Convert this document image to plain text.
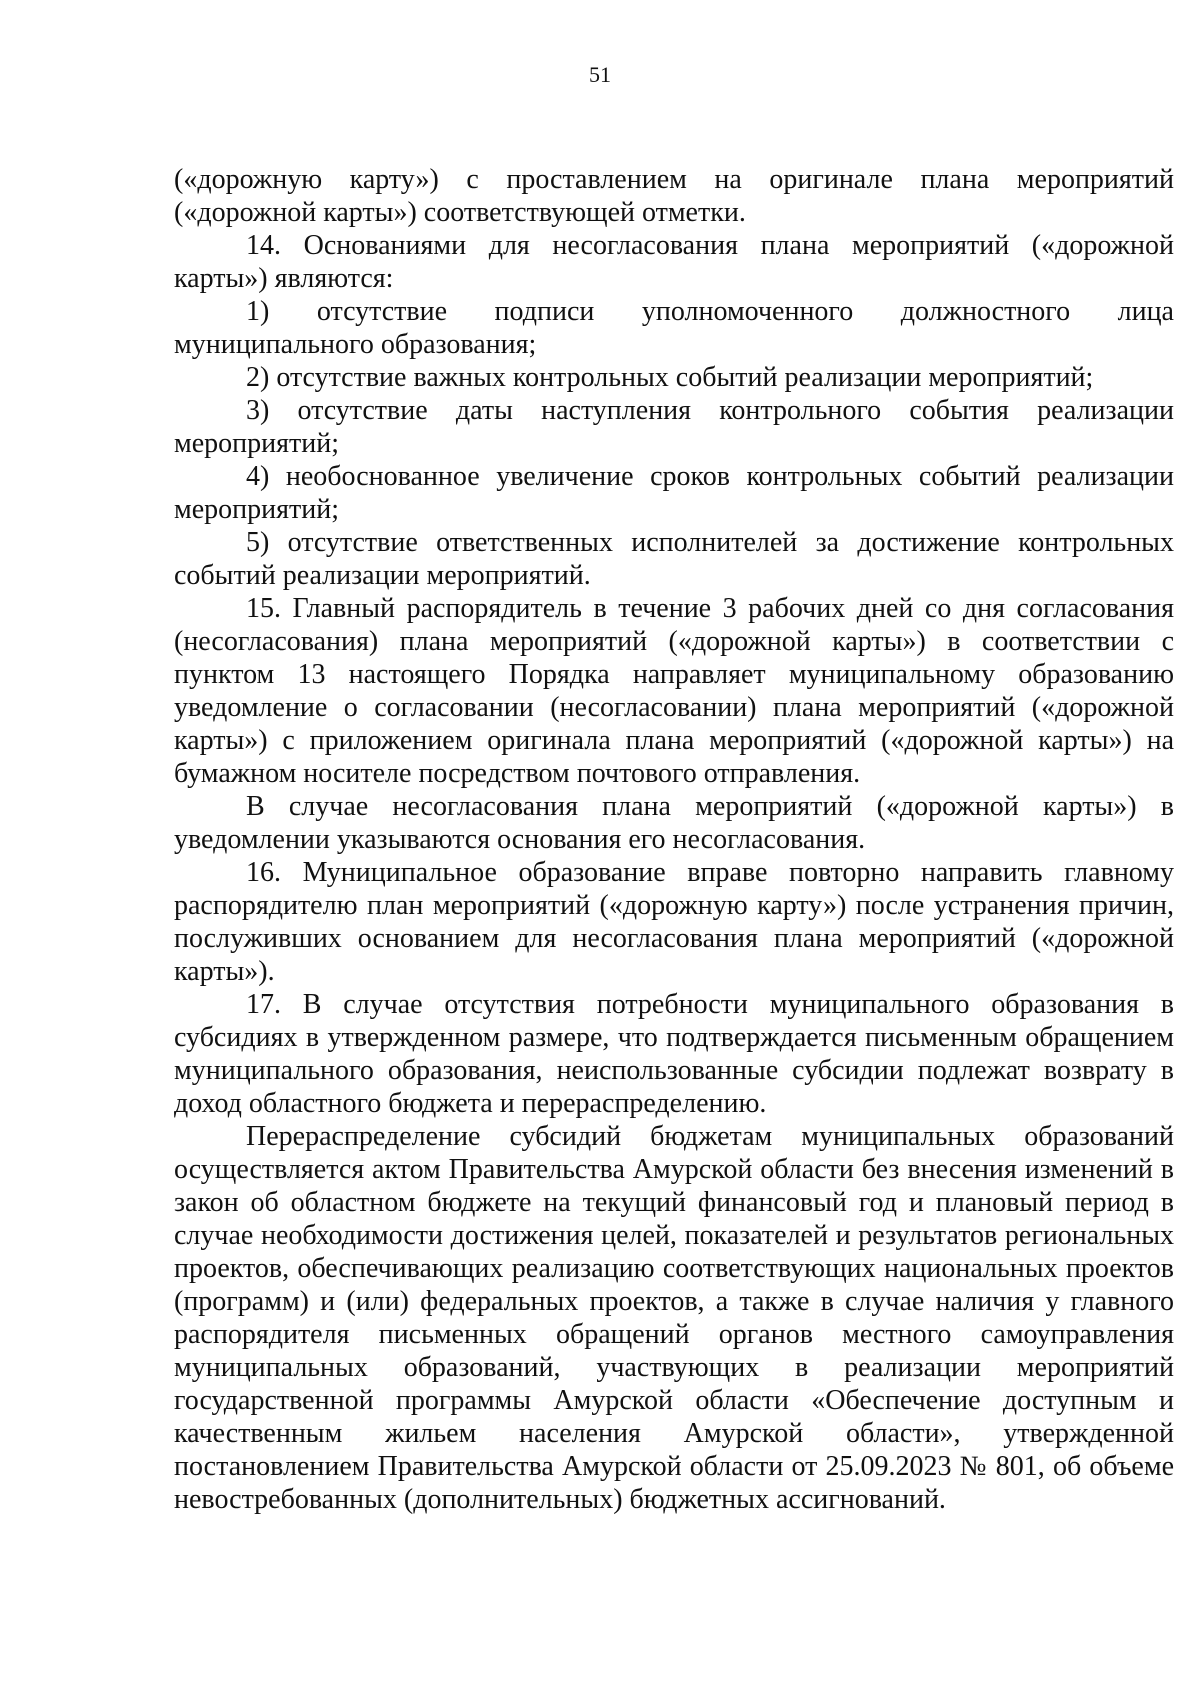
51

(«дорожную карту») с проставлением на оригинале плана мероприятий («дорожной карты») соответствующей отметки.

14. Основаниями для несогласования плана мероприятий («дорожной карты») являются:

1) отсутствие подписи уполномоченного должностного лица муниципального образования;

2) отсутствие важных контрольных событий реализации мероприятий;

3) отсутствие даты наступления контрольного события реализации мероприятий;

4) необоснованное увеличение сроков контрольных событий реализации мероприятий;

5) отсутствие ответственных исполнителей за достижение контрольных событий реализации мероприятий.

15. Главный распорядитель в течение 3 рабочих дней со дня согласования (несогласования) плана мероприятий («дорожной карты») в соответствии с пунктом 13 настоящего Порядка направляет муниципальному образованию уведомление о согласовании (несогласовании) плана мероприятий («дорожной карты») с приложением оригинала плана мероприятий («дорожной карты») на бумажном носителе посредством почтового отправления.

В случае несогласования плана мероприятий («дорожной карты») в уведомлении указываются основания его несогласования.

16. Муниципальное образование вправе повторно направить главному распорядителю план мероприятий («дорожную карту») после устранения причин, послуживших основанием для несогласования плана мероприятий («дорожной карты»).

17. В случае отсутствия потребности муниципального образования в субсидиях в утвержденном размере, что подтверждается письменным обращением муниципального образования, неиспользованные субсидии подлежат возврату в доход областного бюджета и перераспределению.

Перераспределение субсидий бюджетам муниципальных образований осуществляется актом Правительства Амурской области без внесения изменений в закон об областном бюджете на текущий финансовый год и плановый период в случае необходимости достижения целей, показателей и результатов региональных проектов, обеспечивающих реализацию соответствующих национальных проектов (программ) и (или) федеральных проектов, а также в случае наличия у главного распорядителя письменных обращений органов местного самоуправления муниципальных образований, участвующих в реализации мероприятий государственной программы Амурской области «Обеспечение доступным и качественным жильем населения Амурской области», утвержденной постановлением Правительства Амурской области от 25.09.2023 № 801, об объеме невостребованных (дополнительных) бюджетных ассигнований.
